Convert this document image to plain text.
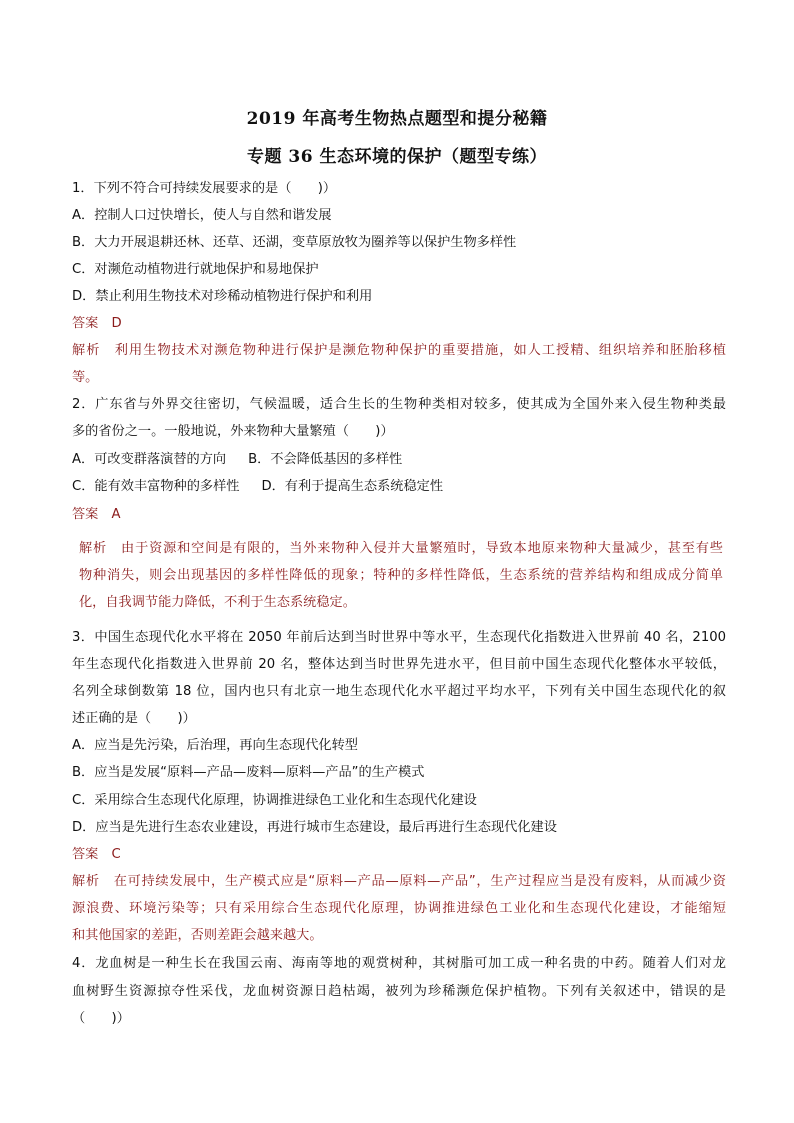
2019 年高考生物热点题型和提分秘籍
专题 36 生态环境的保护（题型专练）
1．下列不符合可持续发展要求的是（　　)）
A．控制人口过快增长，使人与自然和谐发展
B．大力开展退耕还林、还草、还湖，变草原放牧为圈养等以保护生物多样性
C．对濒危动植物进行就地保护和易地保护
D．禁止利用生物技术对珍稀动植物进行保护和利用
答案　D
解析　利用生物技术对濒危物种进行保护是濒危物种保护的重要措施，如人工授精、组织培养和胚胎移植
等。
2．广东省与外界交往密切，气候温暖，适合生长的生物种类相对较多，使其成为全国外来入侵生物种类最
多的省份之一。一般地说，外来物种大量繁殖（　　)）
A．可改变群落演替的方向 B．不会降低基因的多样性
C．能有效丰富物种的多样性 D．有利于提高生态系统稳定性
答案　A
解析　由于资源和空间是有限的，当外来物种入侵并大量繁殖时，导致本地原来物种大量减少，甚至有些
物种消失，则会出现基因的多样性降低的现象；特种的多样性降低，生态系统的营养结构和组成成分简单
化，自我调节能力降低，不利于生态系统稳定。
3．中国生态现代化水平将在 2050 年前后达到当时世界中等水平，生态现代化指数进入世界前 40 名，2100
年生态现代化指数进入世界前 20 名，整体达到当时世界先进水平，但目前中国生态现代化整体水平较低，
名列全球倒数第 18 位，国内也只有北京一地生态现代化水平超过平均水平，下列有关中国生态现代化的叙
述正确的是（　　)）
A．应当是先污染，后治理，再向生态现代化转型
B．应当是发展“原料—产品—废料—原料—产品”的生产模式
C．采用综合生态现代化原理，协调推进绿色工业化和生态现代化建设
D．应当是先进行生态农业建设，再进行城市生态建设，最后再进行生态现代化建设
答案　C
解析　在可持续发展中，生产模式应是“原料—产品—原料—产品”，生产过程应当是没有废料，从而减少资
源浪费、环境污染等；只有采用综合生态现代化原理，协调推进绿色工业化和生态现代化建设，才能缩短
和其他国家的差距，否则差距会越来越大。
4．龙血树是一种生长在我国云南、海南等地的观赏树种，其树脂可加工成一种名贵的中药。随着人们对龙
血树野生资源掠夺性采伐，龙血树资源日趋枯竭，被列为珍稀濒危保护植物。下列有关叙述中，错误的是
（　　)）
